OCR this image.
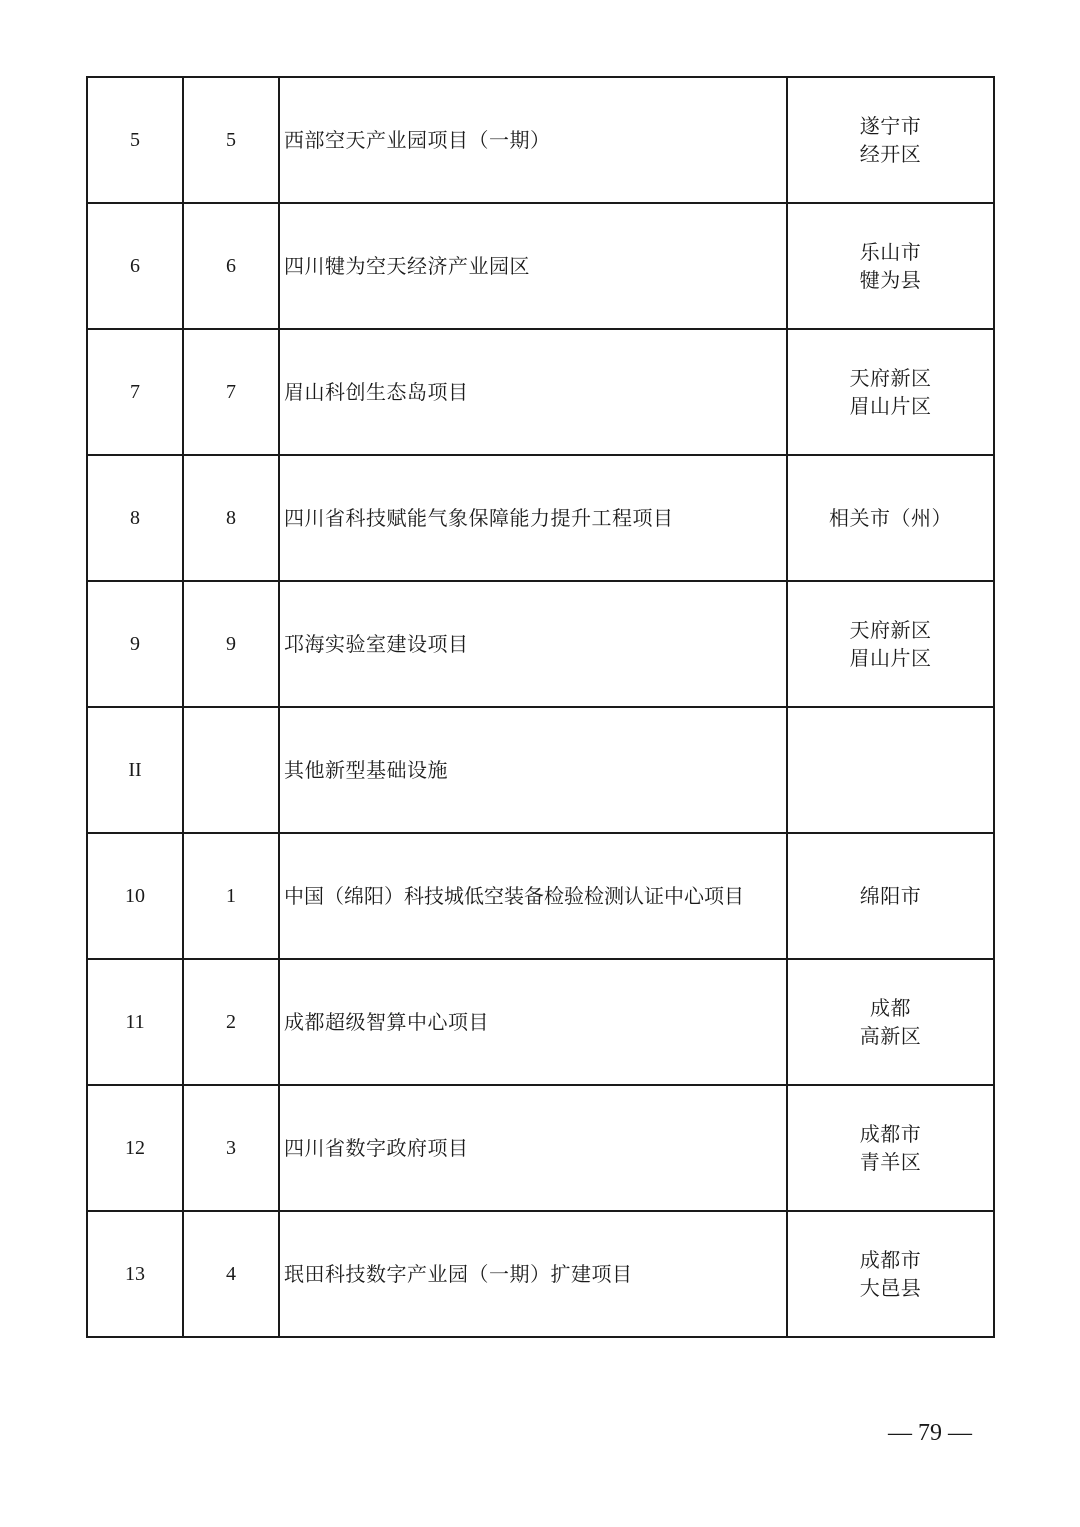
5	5	西部空天产业园项目（一期）	遂宁市
经开区

6	6	四川犍为空天经济产业园区	乐山市
犍为县

7	7	眉山科创生态岛项目	天府新区
眉山片区

8	8	四川省科技赋能气象保障能力提升工程项目	相关市（州）

9	9	邛海实验室建设项目	天府新区
眉山片区

II		其他新型基础设施	
10	1	中国（绵阳）科技城低空装备检验检测认证中心项目	绵阳市

11	2	成都超级智算中心项目	成都
高新区

12	3	四川省数字政府项目	成都市
青羊区

13	4	珉田科技数字产业园（一期）扩建项目	成都市
大邑县
— 79 —
